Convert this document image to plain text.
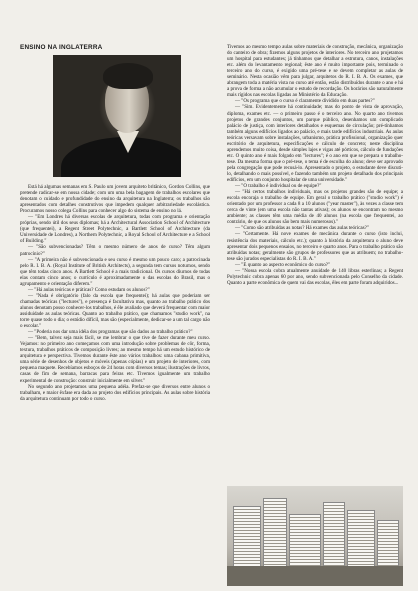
ENSINO NA INGLATERRA

Está há algumas semanas em S. Paulo um jovem arquiteto britânico, Gordon Collins, que pretende radicar-se em nossa cidade; com um uma bela bagagem de trabalhos escolares que denotam o cuidado e profundidade do ensino da arquitetura na Inglaterra; os trabalhos são apresentados com detalhes construtivos que impedem qualquer arbitrariedade escolástica. Procuramos nosso colega Collins para conhecer algo do sistema de ensino no lá.

— "Em Londres há diversas escolas de arquitetura, todas com programa e orientação próprias, sendo útil dos seus diplomas; há a Architectural Association School of Architecture (que frequentei), a Regent Street Polytechnic, a Bartlett School of Architecture (da Universidade de Londres), a Northern Polytechnic, a Royal School of Architecture e a School of Building."

— "São subvencionadas? Têm o mesmo número de anos de curso? Têm algum patrocínio?"

— "A primeira não é subvencionada e seu curso é mesmo um pouco caro; a patrocinada pelo R. I. B. A. (Royal Institute of British Architects), a segunda tem cursos noturnos, sendo que têm todas cinco anos. A Bartlett School é a mais tradicional. Os cursos diurnos de todas elas contam cinco anos; o currículo é aproximadamente o das escolas do Brasil, mas o agrupamento e orientação diferem."

— "Há aulas teóricas e práticas? Como estudam os alunos?"

— "Nada é obrigatório (falo da escola que frequentei); há aulas que poderiam ser chamadas teóricas ("lectures"), e presença é facultativa mas, quanto ao trabalho prático dos alunos denotam posso conhecer-los trabalhos, é êle avaliado que deverá frequentar com maior assiduidade as aulas teóricas. Quanto ao trabalho prático, que chamamos "studio work", na torre quase todo o dia; o estúdio difícil, mas são (especialmente, dedicar-se a um tal cargo não o escolar."

— "Poderia nos dar uma idéia dos programas que são dados ao trabalho prático?"

— "Bem, talvez seja mais fácil, se me lembrar o que tive de fazer durante meu curso. Vejamos: no primeiro ano começamos com uma introdução sobre problemas de côr, forma, textura, trabalhos práticos de composição livres; ao mesmo tempo há um estudo histórico de arquitetura e perspectiva. Tivemos durante êste ano vários trabalhos: uma cabana primitiva, uma série de desenhos de objetos e móveis (apenas cópias) e um projeto de interiores, com pequena maquete. Recebíamos esboços de 24 horas com diversos temas; ilustrações de livros, casas de fim de semana, barracas para feiras etc. Tivemos igualmente um trabalho experimental de construção: construir inicialmente em silver."

No segundo ano projetamos uma pequena adéia. Prefaz-se que diversos entre alunos o trabalham, e maior êxfase era dada ao projeto dos edifícios principais. As aulas sobre história da arquitetura continuam por todo o curso.

Tivemos ao mesmo tempo aulas sobre materiais de construção, mecânica, organização do canteiro de obra; fizemos alguns projetos de interiores. No terceiro ano projetamos um hospital para estudantes; já tínhamos que detalhar a estrutura, canos, instalações etc. além do levantamento regional; êste ano é muito importante pois, terminado o terceiro ano do curso, é exigido uma pré-tese e se devem completar as aulas de seminário. Nesta ocasião vêm para julgar, arquitetos do R. I. B. A. Os exames, que abrangem toda a matéria vista no curso até então, estão distribuídos durante o ano e há a prova de forma a não acumular o estudo de recordação. Os horários são naturalmente mais rígidos nas escolas ligadas ao Ministério da Educação.

— "Os programa que o curso é claramente dividido em duas partes?"

— "Sim. Evidentemente há continuidade; mas do ponto de vista de aprovação, diploma, exames etc. — o primeiro passo é o terceiro ano. No quarto ano tivemos projetos de grandes conjuntos, um parque público, desenhamos um complicado palácio de justiça, com interiores detalhados e esquemas de circulação; pré-tínhamos também alguns edifícios ligados ao palácio, e mais tarde edifícios industriais. As aulas teóricas versavam sobre instalações, urbanismo, prática profissional, organização quer escritório de arquitetura, especificações e cálculo de concreto; neste disciplina aprendemos muito coisa, desde simples lajes e vigas até pórticos, cálculo de fundações etc. O quinto ano é mais folgado em "lectures"; é o ano em que se prepara o trabalho-tese. Da mesma forma que o pré-tese, o tema é de escolha do aluno; deve ser aprovado pela congregação que pode recusá-lo. Apresentado o projeto, o estudante deve discuti-lo, detalhando o mais possível, e fazendo também um projeto detalhado dos principais edifícios, em um conjunto hospitalar de uma universidade."

— "O trabalho é individual ou de equipe?"

— "Há certos trabalhos individuais, mas os projetos grandes são de equipe; a escola encoraja o trabalho de equipe. Em geral o trabalho prático ("studio work") é orientado por um professor a cada 8 a 10 alunos ("year master"), às vezes a classe tem cerca de vinte (em uma escola não tantas ativas); os alunos se encontram no mesmo ambiente; as classes têm uma média de 40 alunos (na escola que frequentei, ao contrário, de que os alunos são bem mais numerosos)."

— "Como são atribuídas as notas? Há exames das aulas teóricas?"

— "Certamente. Há nove exames de mecânica durante o curso (isto inclui, resistência dos materiais, cálculo etc.); quanto à história da arquitetura o aluno deve apresentar dois pequenos ensaios, no terceiro e quarto anos. Para o trabalho prático são atribuídas notas; geralmente são grupos de professores que as atribuem; no trabalho-tese são jurados especialistas do R. I. B. A."

— "E quanto ao aspecto econômico do curso?"

— "Nossa escola cobra atualmente anuidade de 140 libras esterlinas; a Regent Polytechnic cobra apenas 60 por ano, sendo subvencionada pelo Conselho da cidade. Quanto a parte econômica de quem vai das escolas, êles em parte foram adquiridos...
